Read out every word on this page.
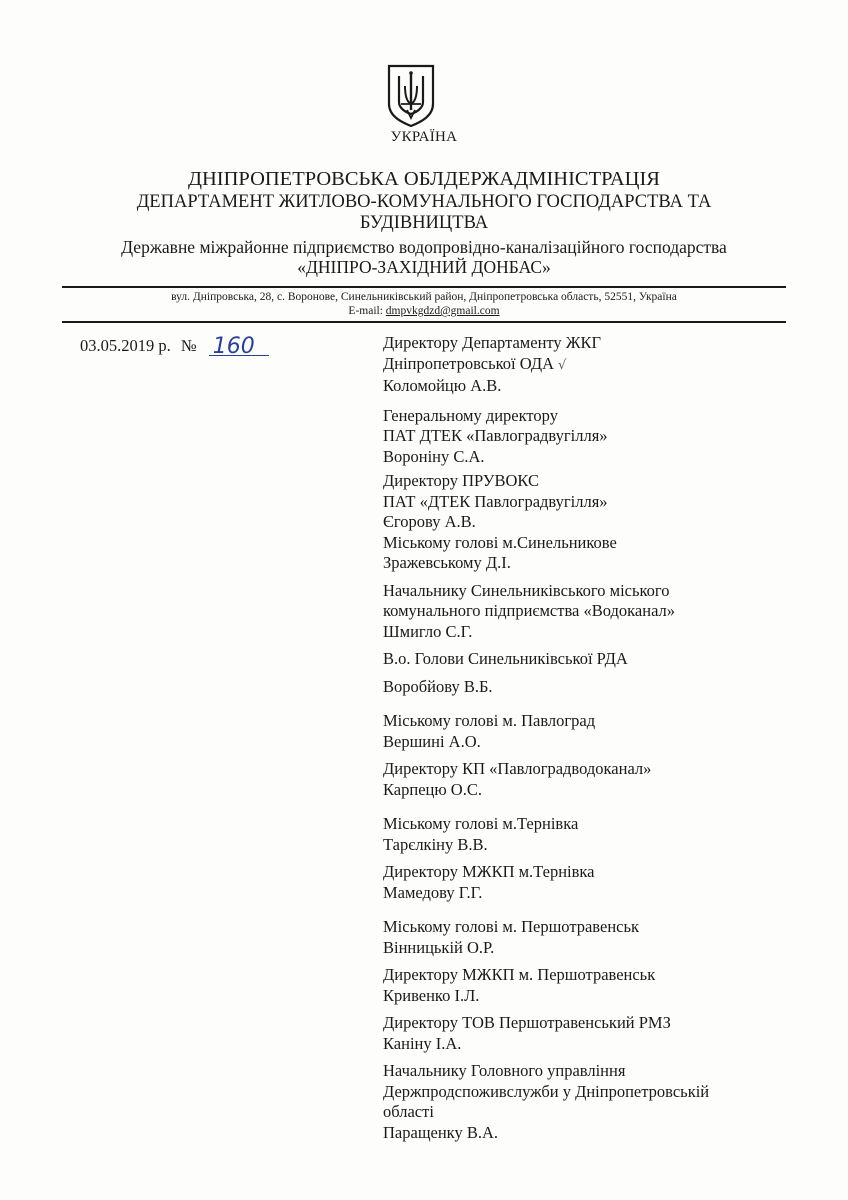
УКРАЇНА
ДНІПРОПЕТРОВСЬКА ОБЛДЕРЖАДМІНІСТРАЦІЯ
ДЕПАРТАМЕНТ ЖИТЛОВО-КОМУНАЛЬНОГО ГОСПОДАРСТВА ТА
БУДІВНИЦТВА
Державне міжрайонне підприємство водопровідно-каналізаційного господарства
«ДНІПРО-ЗАХІДНИЙ ДОНБАС»
вул. Дніпровська, 28, с. Воронове, Синельниківський район, Дніпропетровська область, 52551, Україна
E-mail: dmpvkgdzd@gmail.com
03.05.2019 р. № 160	Директору Департаменту ЖКГ
Дніпропетровської ОДА √
Коломойцю А.В.
Генеральному директору
ПАТ ДТЕК «Павлоградвугілля»
Вороніну С.А.
Директору ПРУВОКС
ПАТ «ДТЕК Павлоградвугілля»
Єгорову А.В.
Міському голові м.Синельникове
Зражевському Д.І.
Начальнику Синельниківського міського
комунального підприємства «Водоканал»
Шмигло С.Г.
В.о. Голови Синельниківської РДА
Воробйову В.Б.
Міському голові м. Павлоград
Вершині А.О.
Директору КП «Павлоградводоканал»
Карпецю О.С.
Міському голові м.Тернівка
Тарєлкіну В.В.
Директору МЖКП м.Тернівка
Мамедову Г.Г.
Міському голові м. Першотравенськ
Вінницькій О.Р.
Директору МЖКП м. Першотравенськ
Кривенко І.Л.
Директору ТОВ Першотравенський РМЗ
Каніну І.А.
Начальнику Головного управління
Держпродспоживслужби у Дніпропетровській
області
Паращенку В.А.
